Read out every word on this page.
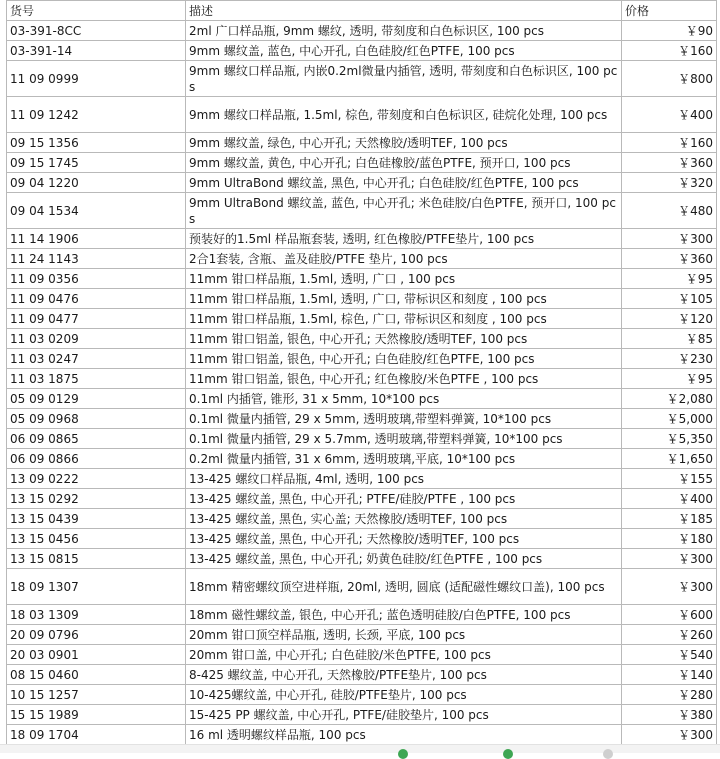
货号	描述	价格
03-391-8CC	2ml 广口样品瓶, 9mm 螺纹, 透明, 带刻度和白色标识区, 100 pcs	￥90
03-391-14	9mm 螺纹盖, 蓝色, 中心开孔, 白色硅胶/红色PTFE, 100 pcs	￥160
11 09 0999	9mm 螺纹口样品瓶, 内嵌0.2ml微量内插管, 透明, 带刻度和白色标识区, 100 pcs	￥800
11 09 1242	9mm 螺纹口样品瓶, 1.5ml, 棕色, 带刻度和白色标识区, 硅烷化处理, 100 pcs	￥400
09 15 1356	9mm 螺纹盖, 绿色, 中心开孔; 天然橡胶/透明TEF, 100 pcs	￥160
09 15 1745	9mm 螺纹盖, 黄色, 中心开孔; 白色硅橡胶/蓝色PTFE, 预开口, 100 pcs	￥360
09 04 1220	9mm UltraBond 螺纹盖, 黑色, 中心开孔; 白色硅胶/红色PTFE, 100 pcs	￥320
09 04 1534	9mm UltraBond 螺纹盖, 蓝色, 中心开孔; 米色硅胶/白色PTFE, 预开口, 100 pcs	￥480
11 14 1906	预装好的1.5ml 样品瓶套装, 透明, 红色橡胶/PTFE垫片, 100 pcs	￥300
11 24 1143	2合1套装, 含瓶、盖及硅胶/PTFE 垫片, 100 pcs	￥360
11 09 0356	11mm 钳口样品瓶, 1.5ml, 透明, 广口 , 100 pcs	￥95
11 09 0476	11mm 钳口样品瓶, 1.5ml, 透明, 广口, 带标识区和刻度 , 100 pcs	￥105
11 09 0477	11mm 钳口样品瓶, 1.5ml, 棕色, 广口, 带标识区和刻度 , 100 pcs	￥120
11 03 0209	11mm 钳口铝盖, 银色, 中心开孔; 天然橡胶/透明TEF, 100 pcs	￥85
11 03 0247	11mm 钳口铝盖, 银色, 中心开孔; 白色硅胶/红色PTFE, 100 pcs	￥230
11 03 1875	11mm 钳口铝盖, 银色, 中心开孔; 红色橡胶/米色PTFE , 100 pcs	￥95
05 09 0129	0.1ml 内插管, 锥形, 31 x 5mm, 10*100 pcs	￥2,080
05 09 0968	0.1ml 微量内插管, 29 x 5mm, 透明玻璃,带塑料弹簧, 10*100 pcs	￥5,000
06 09 0865	0.1ml 微量内插管, 29 x 5.7mm, 透明玻璃,带塑料弹簧, 10*100 pcs	￥5,350
06 09 0866	0.2ml 微量内插管, 31 x 6mm, 透明玻璃,平底, 10*100 pcs	￥1,650
13 09 0222	13-425 螺纹口样品瓶, 4ml, 透明, 100 pcs	￥155
13 15 0292	13-425 螺纹盖, 黑色, 中心开孔; PTFE/硅胶/PTFE , 100 pcs	￥400
13 15 0439	13-425 螺纹盖, 黑色, 实心盖; 天然橡胶/透明TEF, 100 pcs	￥185
13 15 0456	13-425 螺纹盖, 黑色, 中心开孔; 天然橡胶/透明TEF, 100 pcs	￥180
13 15 0815	13-425 螺纹盖, 黑色, 中心开孔; 奶黄色硅胶/红色PTFE , 100 pcs	￥300
18 09 1307	18mm 精密螺纹顶空进样瓶, 20ml, 透明, 圆底 (适配磁性螺纹口盖), 100 pcs	￥300
18 03 1309	18mm 磁性螺纹盖, 银色, 中心开孔; 蓝色透明硅胶/白色PTFE, 100 pcs	￥600
20 09 0796	20mm 钳口顶空样品瓶, 透明, 长颈, 平底, 100 pcs	￥260
20 03 0901	20mm 钳口盖, 中心开孔; 白色硅胶/米色PTFE, 100 pcs	￥540
08 15 0460	8-425 螺纹盖, 中心开孔, 天然橡胶/PTFE垫片, 100 pcs	￥140
10 15 1257	10-425螺纹盖, 中心开孔, 硅胶/PTFE垫片, 100 pcs	￥280
15 15 1989	15-425 PP 螺纹盖, 中心开孔, PTFE/硅胶垫片, 100 pcs	￥380
18 09 1704	16 ml 透明螺纹样品瓶, 100 pcs	￥300
